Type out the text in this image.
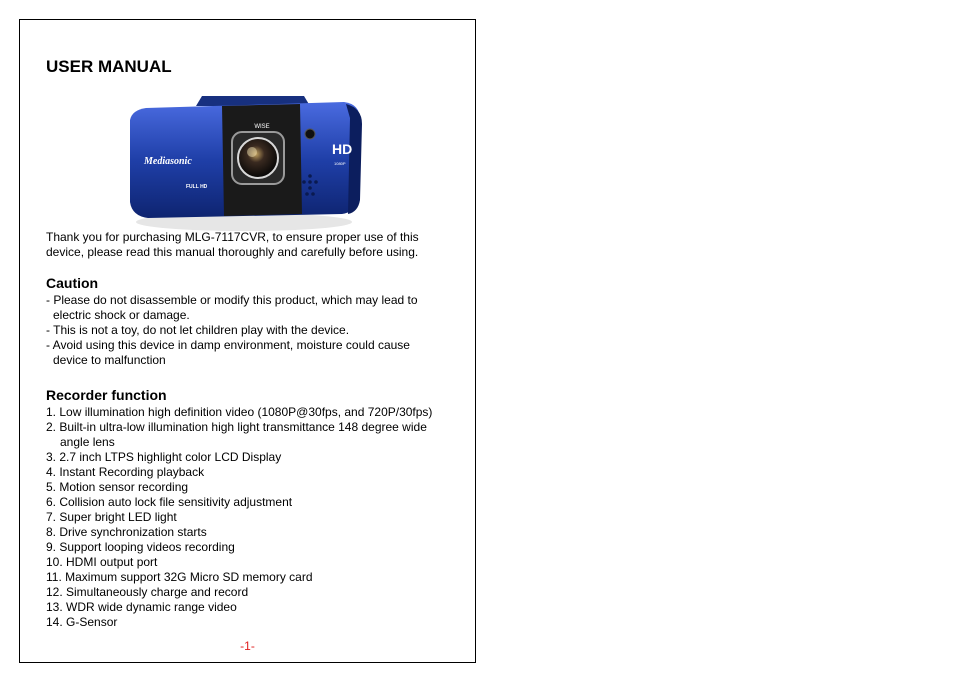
USER MANUAL
WISE
Mediasonic
FULL HD
HD
1080P

Thank you for purchasing MLG-7117CVR, to ensure proper use of this

device, please read this manual thoroughly and carefully before using.

Caution

- Please do not disassemble or modify this product, which may lead to

electric shock or damage.

- This is not a toy, do not let children play with the device.

- Avoid using this device in damp environment, moisture could cause

device to malfunction

Recorder function

1. Low illumination high definition video (1080P@30fps, and 720P/30fps)

2. Built-in ultra-low illumination high light transmittance 148 degree wide

angle lens

3. 2.7 inch LTPS highlight color LCD Display

4. Instant Recording playback

5. Motion sensor recording

6. Collision auto lock file sensitivity adjustment

7. Super bright LED light

8. Drive synchronization starts

9. Support looping videos recording

10. HDMI output port

11. Maximum support 32G Micro SD memory card

12. Simultaneously charge and record

13. WDR wide dynamic range video

14. G-Sensor

-1-
